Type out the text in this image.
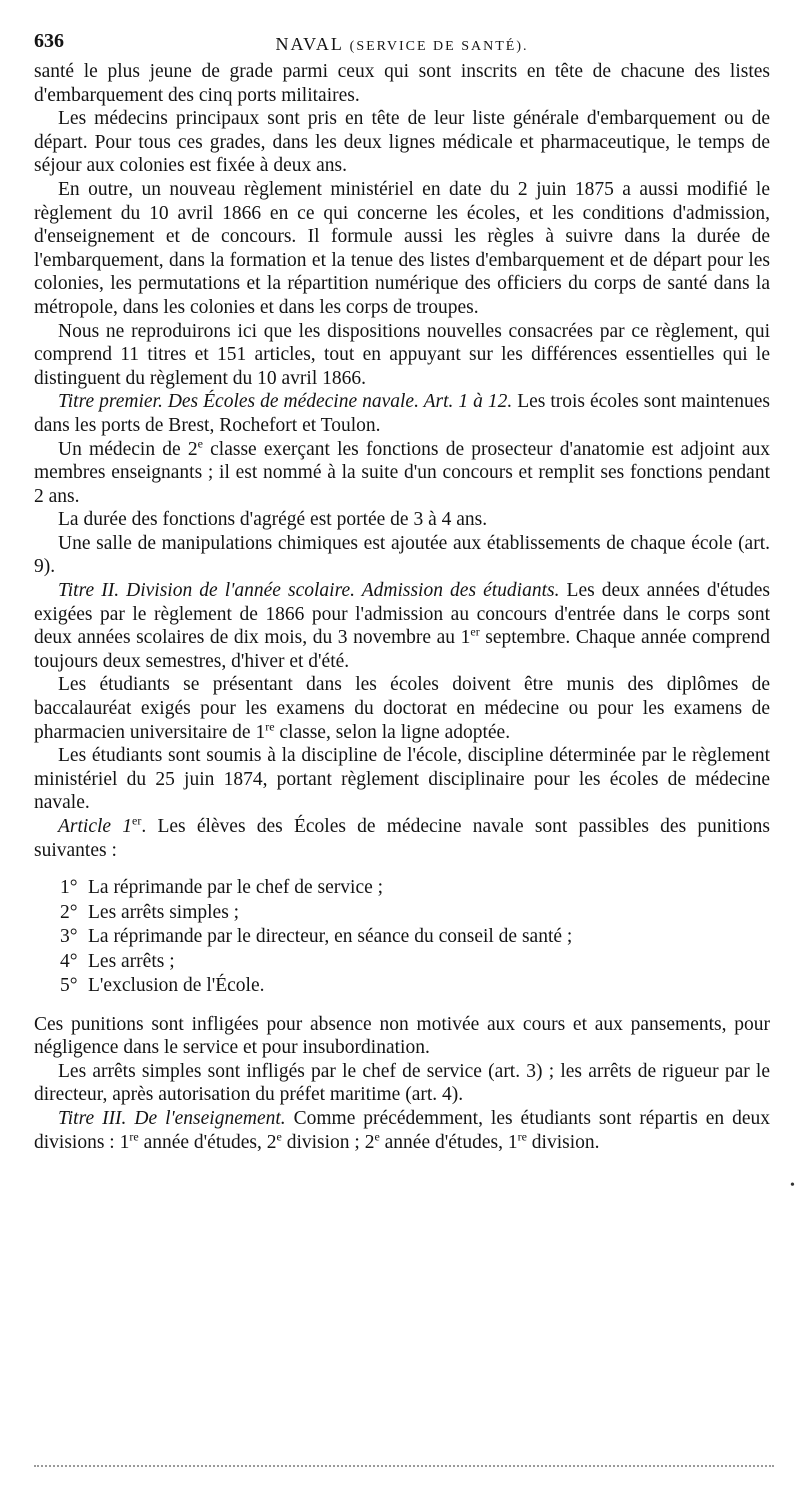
636	NAVAL (SERVICE DE SANTÉ).

santé le plus jeune de grade parmi ceux qui sont inscrits en tête de chacune des listes d'embarquement des cinq ports militaires.

Les médecins principaux sont pris en tête de leur liste générale d'embarquement ou de départ. Pour tous ces grades, dans les deux lignes médicale et pharmaceutique, le temps de séjour aux colonies est fixée à deux ans.

En outre, un nouveau règlement ministériel en date du 2 juin 1875 a aussi modifié le règlement du 10 avril 1866 en ce qui concerne les écoles, et les conditions d'admission, d'enseignement et de concours. Il formule aussi les règles à suivre dans la durée de l'embarquement, dans la formation et la tenue des listes d'embarquement et de départ pour les colonies, les permutations et la répartition numérique des officiers du corps de santé dans la métropole, dans les colonies et dans les corps de troupes.

Nous ne reproduirons ici que les dispositions nouvelles consacrées par ce règlement, qui comprend 11 titres et 151 articles, tout en appuyant sur les différences essentielles qui le distinguent du règlement du 10 avril 1866.

Titre premier. Des Écoles de médecine navale. Art. 1 à 12. Les trois écoles sont maintenues dans les ports de Brest, Rochefort et Toulon.

Un médecin de 2e classe exerçant les fonctions de prosecteur d'anatomie est adjoint aux membres enseignants ; il est nommé à la suite d'un concours et remplit ses fonctions pendant 2 ans.

La durée des fonctions d'agrégé est portée de 3 à 4 ans.

Une salle de manipulations chimiques est ajoutée aux établissements de chaque école (art. 9).

Titre II. Division de l'année scolaire. Admission des étudiants. Les deux années d'études exigées par le règlement de 1866 pour l'admission au concours d'entrée dans le corps sont deux années scolaires de dix mois, du 3 novembre au 1er septembre. Chaque année comprend toujours deux semestres, d'hiver et d'été.

Les étudiants se présentant dans les écoles doivent être munis des diplômes de baccalauréat exigés pour les examens du doctorat en médecine ou pour les examens de pharmacien universitaire de 1re classe, selon la ligne adoptée.

Les étudiants sont soumis à la discipline de l'école, discipline déterminée par le règlement ministériel du 25 juin 1874, portant règlement disciplinaire pour les écoles de médecine navale.

Article 1er. Les élèves des Écoles de médecine navale sont passibles des punitions suivantes :

1° La réprimande par le chef de service ;
2° Les arrêts simples ;
3° La réprimande par le directeur, en séance du conseil de santé ;
4° Les arrêts ;
5° L'exclusion de l'École.

Ces punitions sont infligées pour absence non motivée aux cours et aux pansements, pour négligence dans le service et pour insubordination.

Les arrêts simples sont infligés par le chef de service (art. 3) ; les arrêts de rigueur par le directeur, après autorisation du préfet maritime (art. 4).

Titre III. De l'enseignement. Comme précédemment, les étudiants sont répartis en deux divisions : 1re année d'études, 2e division ; 2e année d'études, 1re division.

•
